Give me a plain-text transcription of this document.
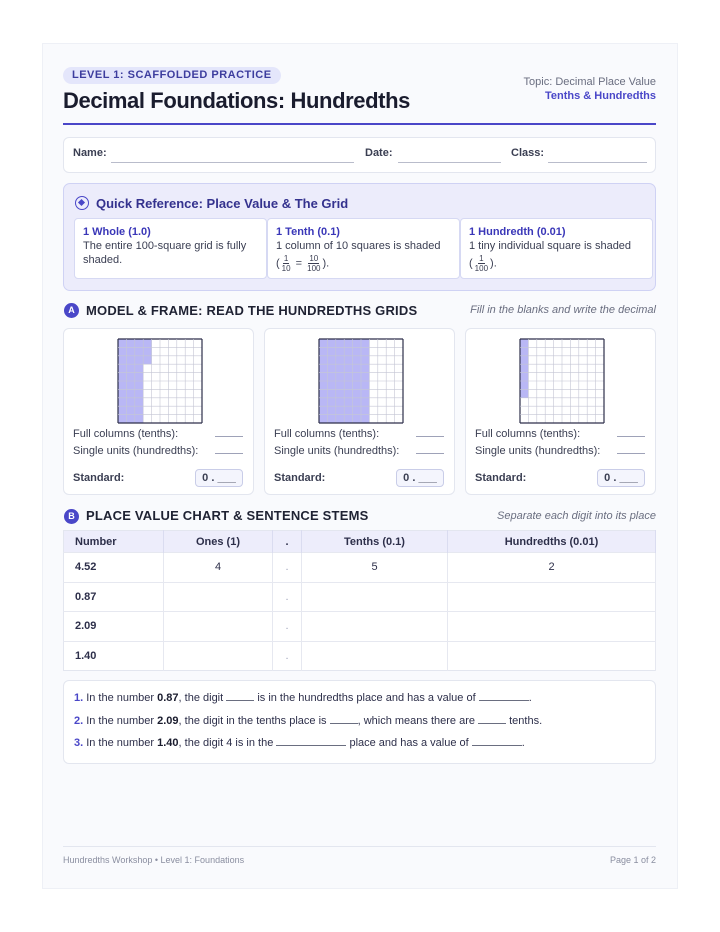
LEVEL 1: SCAFFOLDED PRACTICE
Decimal Foundations: Hundredths
Topic: Decimal Place Value
Tenths & Hundredths
Name:	Date:	Class:
Quick Reference: Place Value & The Grid
1 Whole (1.0)
The entire 100-square grid is fully shaded.
1 Tenth (0.1)
1 column of 10 squares is shaded
( $\frac{1}{10} = \frac{10}{100}$ ).
1 Hundredth (0.01)
1 tiny individual square is shaded
( $\frac{1}{100}$ ).
A MODEL & FRAME: READ THE HUNDREDTHS GRIDS	Fill in the blanks and write the decimal
Full columns (tenths):
Single units (hundredths):
Standard:	0 . ___
Full columns (tenths):
Single units (hundredths):
Standard:	0 . ___
Full columns (tenths):
Single units (hundredths):
Standard:	0 . ___
B PLACE VALUE CHART & SENTENCE STEMS	Separate each digit into its place
Number	Ones (1)	.	Tenths (0.1)	Hundredths (0.01)
4.52	4	.	5	2
0.87		.		
2.09		.		
1.40		.		
1. In the number 0.87, the digit	is in the hundredths place and has a value of	.
2. In the number 2.09, the digit in the tenths place is	, which means there are	tenths.
3. In the number 1.40, the digit 4 is in the	place and has a value of	.
Hundredths Workshop • Level 1: Foundations	Page 1 of 2
